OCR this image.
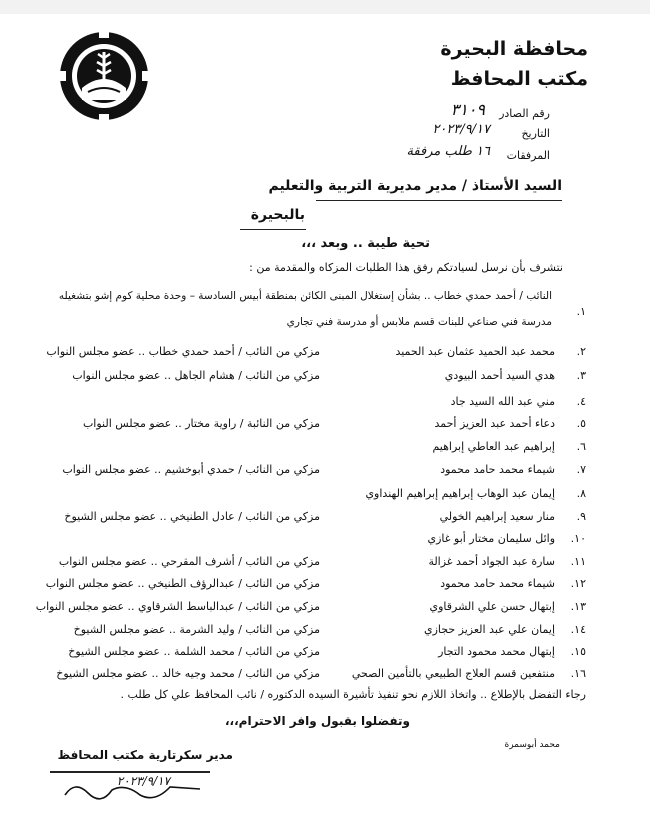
محافظة البحيرة
مكتب المحافظ
رقم الصادر
٣١٠٩
التاريخ
٢٠٢٣/٩/١٧
المرفقات
١٦ طلب مرفقة
السيد الأستاذ / مدير مديرية التربية والتعليم
بالبحيرة
تحية طيبة .. وبعد ،،،
نتشرف بأن نرسل لسيادتكم رفق هذا الطلبات المزكاه والمقدمة من :
١.
النائب / أحمد حمدي خطاب .. بشأن إستغلال المبنى الكائن بمنطقة أبيس السادسة – وحدة محلية كوم إشو بتشغيله
مدرسة فني صناعي للبنات قسم ملابس أو مدرسة فني تجاري
٢.
محمد عبد الحميد عثمان عبد الحميد
مزكي من النائب / أحمد حمدي خطاب .. عضو مجلس النواب
٣.
هدي السيد أحمد البيودي
مزكي من النائب / هشام الجاهل .. عضو مجلس النواب
٤.
مني عبد الله السيد جاد
٥.
دعاء أحمد عبد العزيز أحمد
مزكي من النائبة / راوية مختار .. عضو مجلس النواب
٦.
إبراهيم عبد العاطي إبراهيم
٧.
شيماء محمد حامد محمود
مزكي من النائب / حمدي أبوخشيم .. عضو مجلس النواب
٨.
إيمان عبد الوهاب إبراهيم إبراهيم الهنداوي
٩.
منار سعيد إبراهيم الخولي
مزكي من النائب / عادل الطنيخي .. عضو مجلس الشيوخ
١٠.
وائل سليمان مختار أبو غازي
١١.
سارة عبد الجواد أحمد غزالة
مزكي من النائب / أشرف المقرحي .. عضو مجلس النواب
١٢.
شيماء محمد حامد محمود
مزكي من النائب / عبدالرؤف الطنيخي .. عضو مجلس النواب
١٣.
إبتهال حسن علي الشرقاوي
مزكي من النائب / عبدالباسط الشرقاوي .. عضو مجلس النواب
١٤.
إيمان علي عبد العزيز حجازي
مزكي من النائب / وليد الشرمة .. عضو مجلس الشيوخ
١٥.
إبتهال محمد محمود التجار
مزكي من النائب / محمد الشلمة .. عضو مجلس الشيوخ
١٦.
منتفعين قسم العلاج الطبيعي بالتأمين الصحي
مزكي من النائب / محمد وجيه خالد .. عضو مجلس الشيوخ
رجاء التفضل بالإطلاع .. واتخاذ اللازم نحو تنفيذ تأشيرة السيده الدكتوره / نائب المحافظ علي كل طلب .
وتفضلوا بقبول وافر الاحترام،،،
محمد أبوسمرة
مدير سكرتارية مكتب المحافظ
٢٠٢٣/٩/١٧
